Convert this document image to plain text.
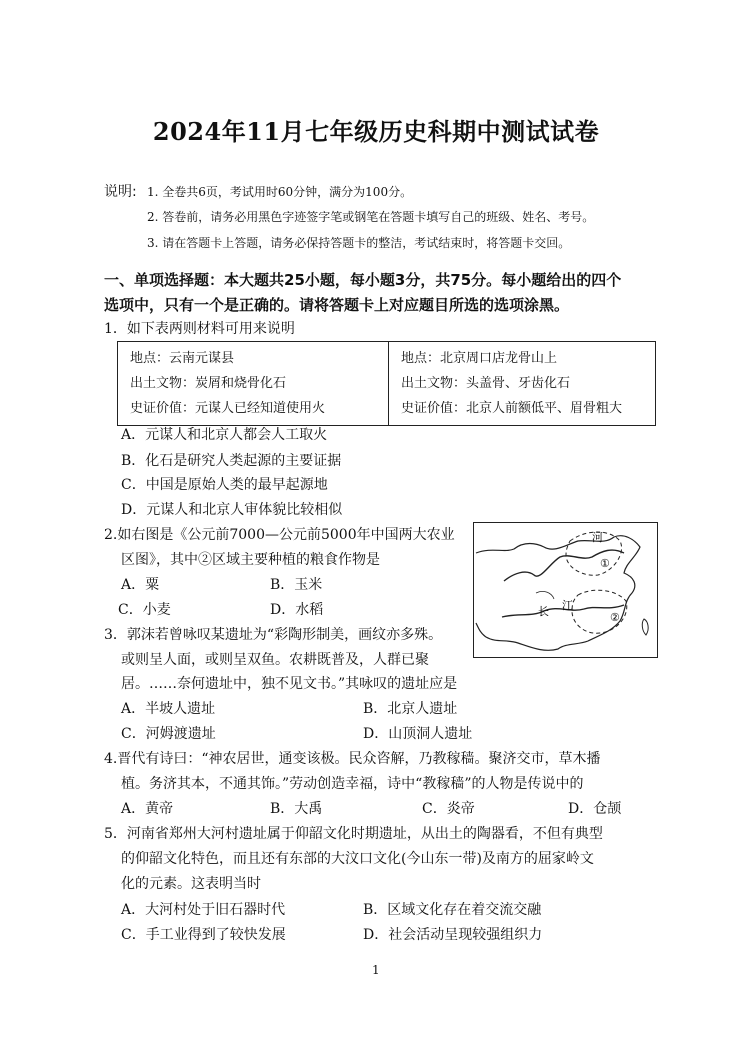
2024年11月七年级历史科期中测试试卷
说明: 1. 全卷共6页，考试用时60分钟，满分为100分。
2. 答卷前，请务必用黑色字迹签字笔或钢笔在答题卡填写自己的班级、姓名、考号。
3. 请在答题卡上答题，请务必保持答题卡的整洁，考试结束时，将答题卡交回。
一、单项选择题：本大题共25小题，每小题3分，共75分。每小题给出的四个
选项中，只有一个是正确的。请将答题卡上对应题目所选的选项涂黑。
1．如下表两则材料可用来说明
地点：云南元谋县
出土文物：炭屑和烧骨化石
史证价值：元谋人已经知道使用火

地点：北京周口店龙骨山上
出土文物：头盖骨、牙齿化石
史证价值：北京人前额低平、眉骨粗大
A．元谋人和北京人都会人工取火
B．化石是研究人类起源的主要证据
C．中国是原始人类的最早起源地
D．元谋人和北京人审体貌比较相似
2.如右图是《公元前7000—公元前5000年中国两大农业
区图》，其中②区域主要种植的粮食作物是
A．粟	B．玉米
C．小麦	D．水稻
河
长 江
①
②
3．郭沫若曾咏叹某遗址为“彩陶形制美，画纹亦多殊。
或则呈人面，或则呈双鱼。农耕既普及，人群已聚
居。……奈何遗址中，独不见文书。”其咏叹的遗址应是
A．半坡人遗址	B．北京人遗址
C．河姆渡遗址	D．山顶洞人遗址
4.晋代有诗曰：“神农居世，通变该极。民众咨解，乃教稼穑。聚济交市，草木播
植。务济其本，不通其饰。”劳动创造幸福，诗中“教稼穑”的人物是传说中的
A．黄帝	B．大禹	C．炎帝	D．仓颉
5．河南省郑州大河村遗址属于仰韶文化时期遗址，从出土的陶器看，不但有典型
的仰韶文化特色，而且还有东部的大汶口文化(今山东一带)及南方的屈家岭文
化的元素。这表明当时
A．大河村处于旧石器时代	B．区域文化存在着交流交融
C．手工业得到了较快发展	D．社会活动呈现较强组织力
1
